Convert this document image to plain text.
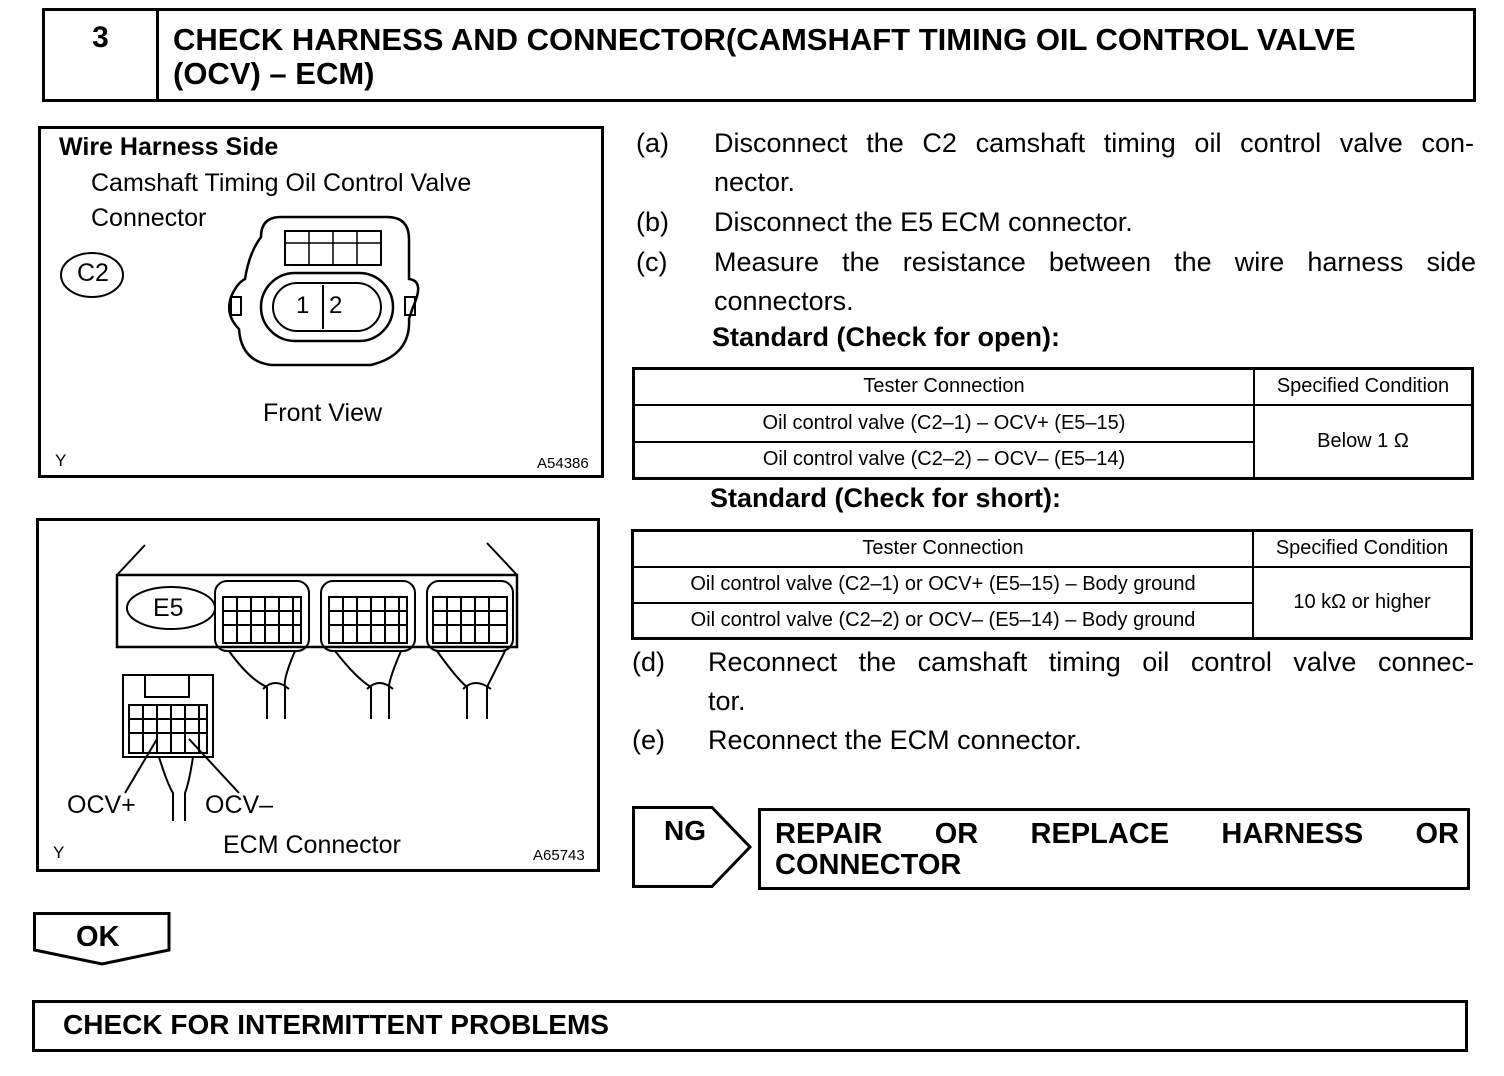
3	CHECK HARNESS AND CONNECTOR(CAMSHAFT TIMING OIL CONTROL VALVE
(OCV) – ECM)
Wire Harness Side
Camshaft Timing Oil Control Valve
Connector
C2
1 2
Front View
Y	A54386
E5
OCV+	OCV–
ECM Connector
Y	A65743
(a) Disconnect the C2 camshaft timing oil control valve con-
nector.
(b) Disconnect the E5 ECM connector.
(c) Measure the resistance between the wire harness side
connectors.
Standard (Check for open):
Tester Connection	Specified Condition
Oil control valve (C2–1) – OCV+ (E5–15)	Below 1 Ω
Oil control valve (C2–2) – OCV– (E5–14)	
Standard (Check for short):
Tester Connection	Specified Condition
Oil control valve (C2–1) or OCV+ (E5–15) – Body ground	10 kΩ or higher
Oil control valve (C2–2) or OCV– (E5–14) – Body ground	
(d) Reconnect the camshaft timing oil control valve connec-
tor.
(e) Reconnect the ECM connector.
NG REPAIR OR REPLACE HARNESS OR
CONNECTOR
OK
CHECK FOR INTERMITTENT PROBLEMS
